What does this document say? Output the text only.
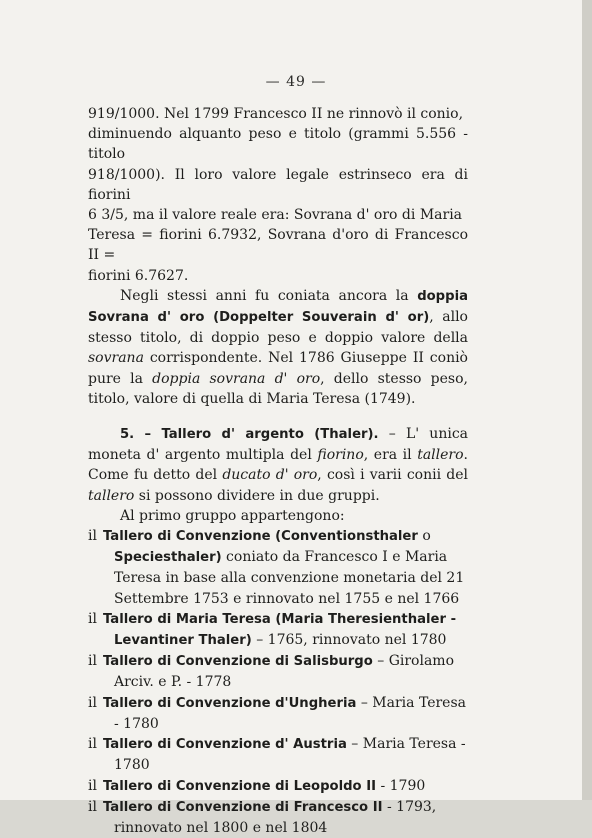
— 49 —

919/1000. Nel 1799 Francesco II ne rinnovò il conio,

diminuendo alquanto peso e titolo (grammi 5.556 - titolo

918/1000). Il loro valore legale estrinseco era di fiorini

6 3/5, ma il valore reale era: Sovrana d' oro di Maria

Teresa = fiorini 6.7932, Sovrana d'oro di Francesco II =

fiorini 6.7627.

Negli stessi anni fu coniata ancora la doppia Sovrana d' oro (Doppelter Souverain d' or), allo stesso titolo, di doppio peso e doppio valore della sovrana corrispondente. Nel 1786 Giuseppe II coniò pure la doppia sovrana d' oro, dello stesso peso, titolo, valore di quella di Maria Teresa (1749).

5. – Tallero d' argento (Thaler). – L' unica moneta d' argento multipla del fiorino, era il tallero. Come fu detto del ducato d' oro, così i varii conii del tallero si possono dividere in due gruppi.

Al primo gruppo appartengono:

il Tallero di Convenzione (Conventionsthaler o Speciesthaler) coniato da Francesco I e Maria Teresa in base alla convenzione monetaria del 21 Settembre 1753 e rinnovato nel 1755 e nel 1766

il Tallero di Maria Teresa (Maria Theresienthaler - Levantiner Thaler) – 1765, rinnovato nel 1780

il Tallero di Convenzione di Salisburgo – Girolamo Arciv. e P. - 1778

il Tallero di Convenzione d'Ungheria – Maria Teresa - 1780

il Tallero di Convenzione d' Austria – Maria Teresa - 1780

il Tallero di Convenzione di Leopoldo II - 1790

il Tallero di Convenzione di Francesco II - 1793, rinnovato nel 1800 e nel 1804
